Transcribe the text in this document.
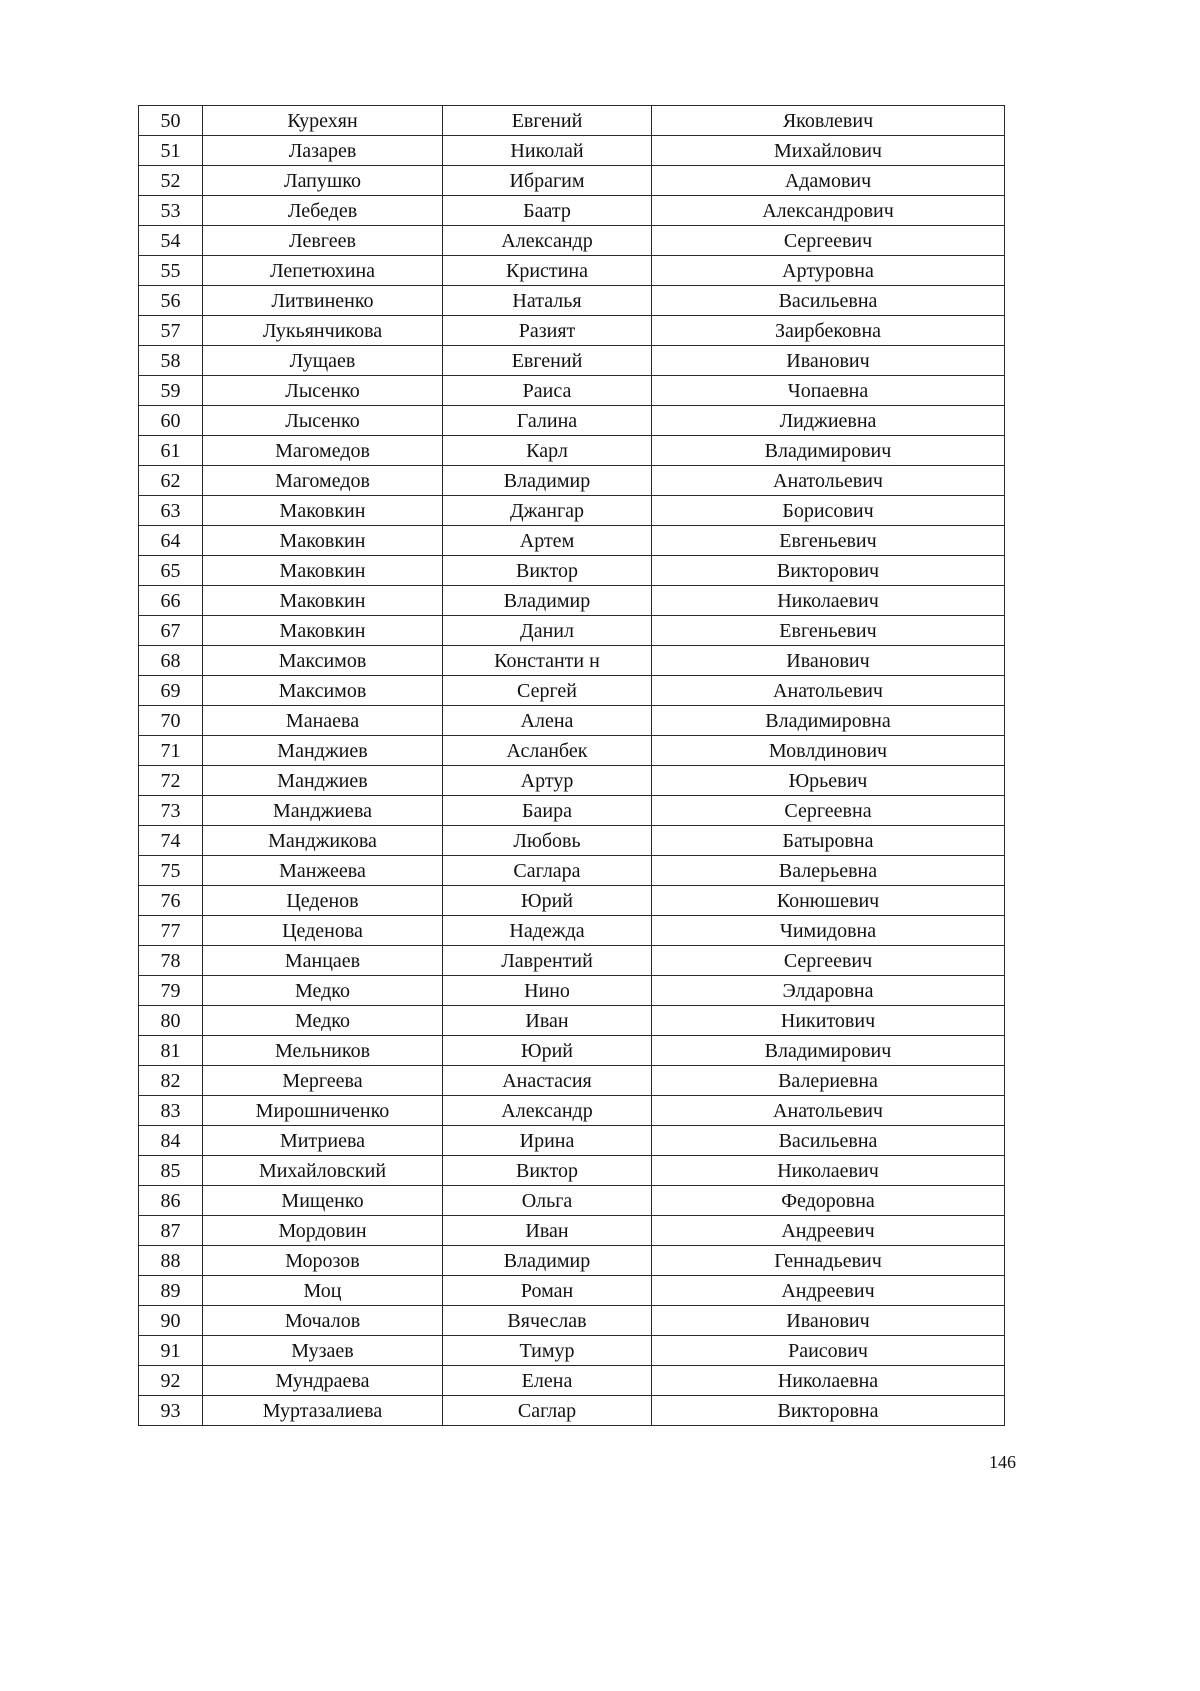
50	Курехян	Евгений	Яковлевич
51	Лазарев	Николай	Михайлович
52	Лапушко	Ибрагим	Адамович
53	Лебедев	Баатр	Александрович
54	Левгеев	Александр	Сергеевич
55	Лепетюхина	Кристина	Артуровна
56	Литвиненко	Наталья	Васильевна
57	Лукьянчикова	Разият	Заирбековна
58	Лущаев	Евгений	Иванович
59	Лысенко	Раиса	Чопаевна
60	Лысенко	Галина	Лиджиевна
61	Магомедов	Карл	Владимирович
62	Магомедов	Владимир	Анатольевич
63	Маковкин	Джангар	Борисович
64	Маковкин	Артем	Евгеньевич
65	Маковкин	Виктор	Викторович
66	Маковкин	Владимир	Николаевич
67	Маковкин	Данил	Евгеньевич
68	Максимов	Константи н	Иванович
69	Максимов	Сергей	Анатольевич
70	Манаева	Алена	Владимировна
71	Манджиев	Асланбек	Мовлдинович
72	Манджиев	Артур	Юрьевич
73	Манджиева	Баира	Сергеевна
74	Манджикова	Любовь	Батыровна
75	Манжеева	Саглара	Валерьевна
76	Цеденов	Юрий	Конюшевич
77	Цеденова	Надежда	Чимидовна
78	Манцаев	Лаврентий	Сергеевич
79	Медко	Нино	Элдаровна
80	Медко	Иван	Никитович
81	Мельников	Юрий	Владимирович
82	Мергеева	Анастасия	Валериевна
83	Мирошниченко	Александр	Анатольевич
84	Митриева	Ирина	Васильевна
85	Михайловский	Виктор	Николаевич
86	Мищенко	Ольга	Федоровна
87	Мордовин	Иван	Андреевич
88	Морозов	Владимир	Геннадьевич
89	Моц	Роман	Андреевич
90	Мочалов	Вячеслав	Иванович
91	Музаев	Тимур	Раисович
92	Мундраева	Елена	Николаевна
93	Муртазалиева	Саглар	Викторовна
146
